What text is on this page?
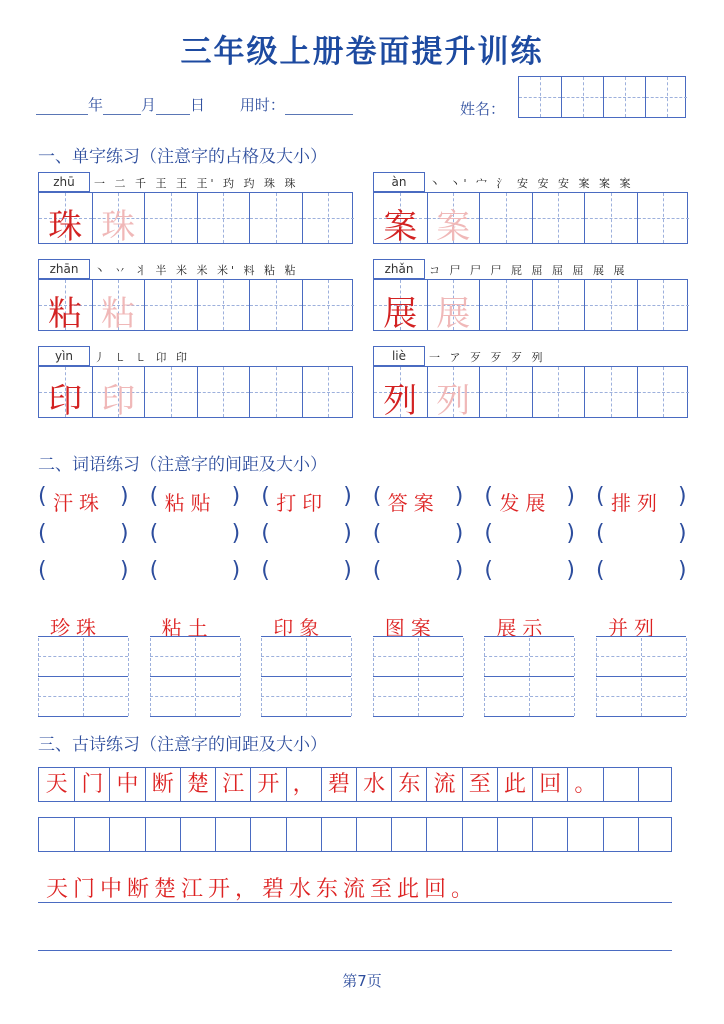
三年级上册卷面提升训练
年	月 日 用时：	姓名：
一、单字练习（注意字的占格及大小）
zhū	一 二 千 王 王 王' 玓 玓 珠 珠
珠 珠
àn	丶 丶' 宀 ⺡ 安 安 安 案 案 案
案 案
zhān	丶 丷 丬 半 米 米 米' 料 粘 粘
粘 粘
zhǎn	コ 尸 尸 尸 屁 屈 屈 屈 展 展
展 展
yìn	丿 ㇄ ㇄ 卬 印
印 印
liè	一 ア 歹 歹 歹 列
列 列
二、词语练习（注意字的间距及大小）
(	)
汗珠
(	)
(	)
(	)
粘贴
(	)
(	)
(	)
打印
(	)
(	)
(	)
答案
(	)
(	)
(	)
发展
(	)
(	)
(	)
排列
(	)
(	)
珍珠	粘土	印象	图案	展示	并列
三、古诗练习（注意字的间距及大小）
天 门 中 断 楚 江 开 ， 碧 水 东 流 至 此 回 。
天门中断楚江开，碧水东流至此回。
第7页
